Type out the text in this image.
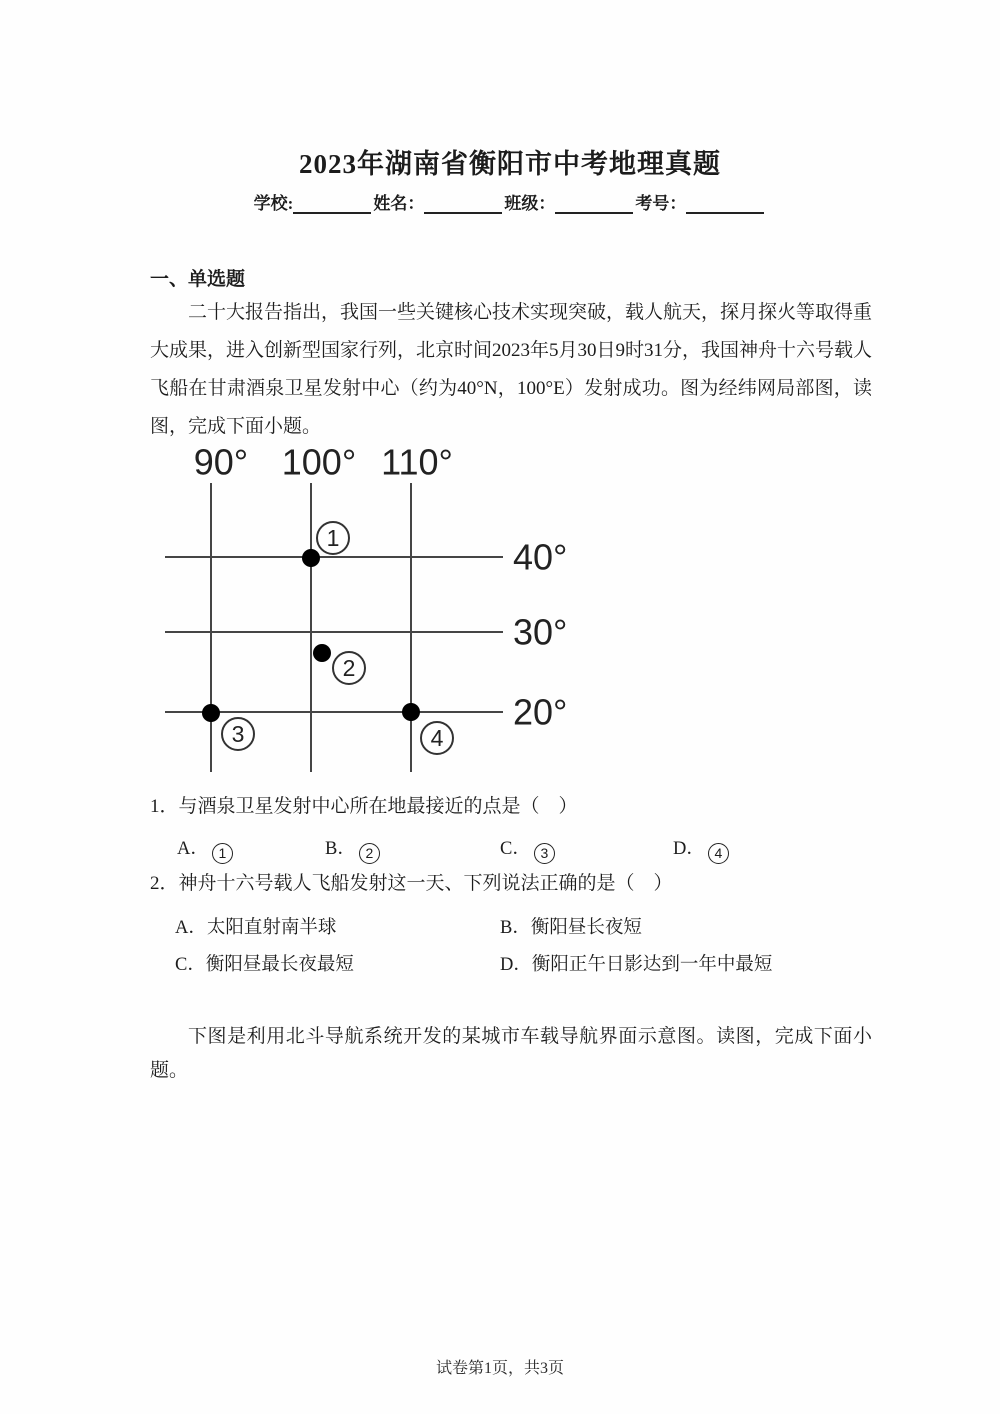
2023年湖南省衡阳市中考地理真题
学校:	姓名：	班级：	考号：
一、单选题
二十大报告指出，我国一些关键核心技术实现突破，载人航天，探月探火等取得重大成果，进入创新型国家行列，北京时间2023年5月30日9时31分，我国神舟十六号载人飞船在甘肃酒泉卫星发射中心（约为40°N，100°E）发射成功。图为经纬网局部图，读图，完成下面小题。
90° 100° 110°
40°
30°
20°
1
2
3	4
1．与酒泉卫星发射中心所在地最接近的点是（　）
A． 1	B． 2	C． 3	D． 4
2．神舟十六号载人飞船发射这一天、下列说法正确的是（　）
A．太阳直射南半球	B．衡阳昼长夜短
C．衡阳昼最长夜最短	D．衡阳正午日影达到一年中最短
下图是利用北斗导航系统开发的某城市车载导航界面示意图。读图，完成下面小题。
试卷第1页，共3页
